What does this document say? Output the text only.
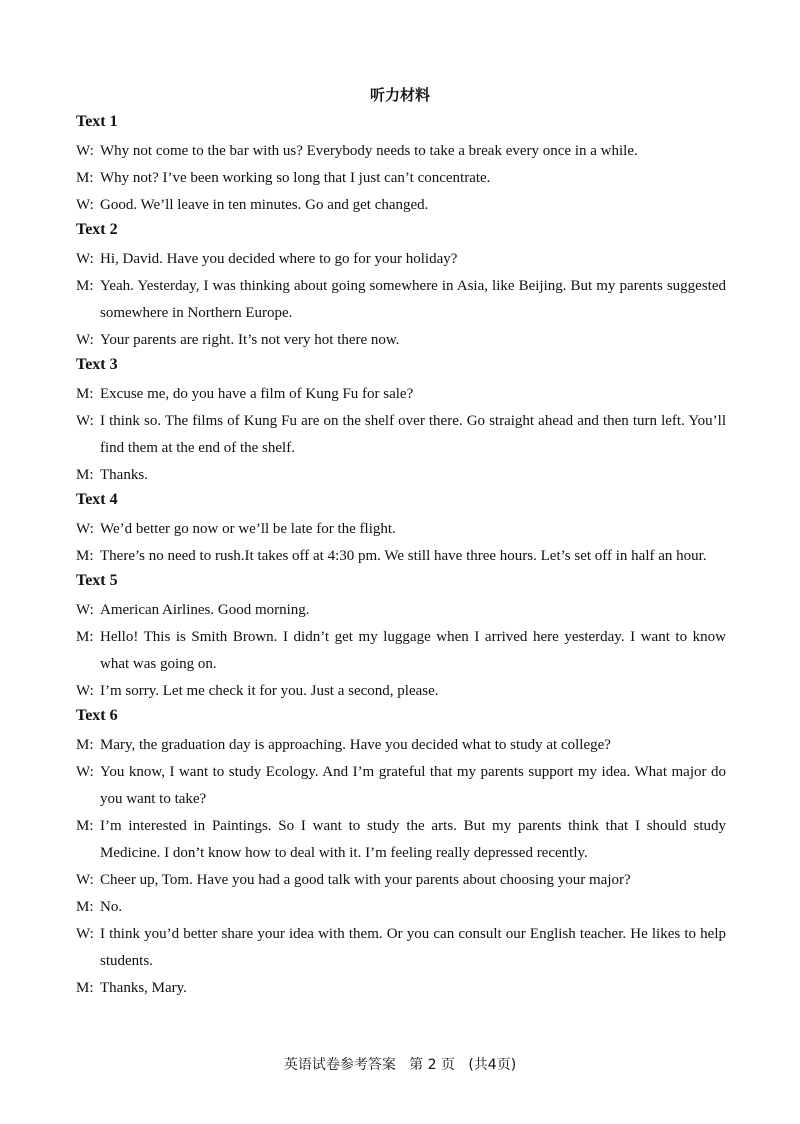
听力材料
Text 1
W: Why not come to the bar with us? Everybody needs to take a break every once in a while.
M: Why not? I’ve been working so long that I just can’t concentrate.
W: Good. We’ll leave in ten minutes. Go and get changed.
Text 2
W: Hi, David. Have you decided where to go for your holiday?
M: Yeah. Yesterday, I was thinking about going somewhere in Asia, like Beijing. But my parents suggested somewhere in Northern Europe.
W: Your parents are right. It’s not very hot there now.
Text 3
M: Excuse me, do you have a film of Kung Fu for sale?
W: I think so. The films of Kung Fu are on the shelf over there. Go straight ahead and then turn left. You’ll find them at the end of the shelf.
M: Thanks.
Text 4
W: We’d better go now or we’ll be late for the flight.
M: There’s no need to rush.It takes off at 4:30 pm. We still have three hours. Let’s set off in half an hour.
Text 5
W: American Airlines. Good morning.
M: Hello! This is Smith Brown. I didn’t get my luggage when I arrived here yesterday. I want to know what was going on.
W: I’m sorry. Let me check it for you. Just a second, please.
Text 6
M: Mary, the graduation day is approaching. Have you decided what to study at college?
W: You know, I want to study Ecology. And I’m grateful that my parents support my idea. What major do you want to take?
M: I’m interested in Paintings. So I want to study the arts. But my parents think that I should study Medicine. I don’t know how to deal with it. I’m feeling really depressed recently.
W: Cheer up, Tom. Have you had a good talk with your parents about choosing your major?
M: No.
W: I think you’d better share your idea with them. Or you can consult our English teacher. He likes to help students.
M: Thanks, Mary.
英语试卷参考答案   第 2 页   (共4页)
